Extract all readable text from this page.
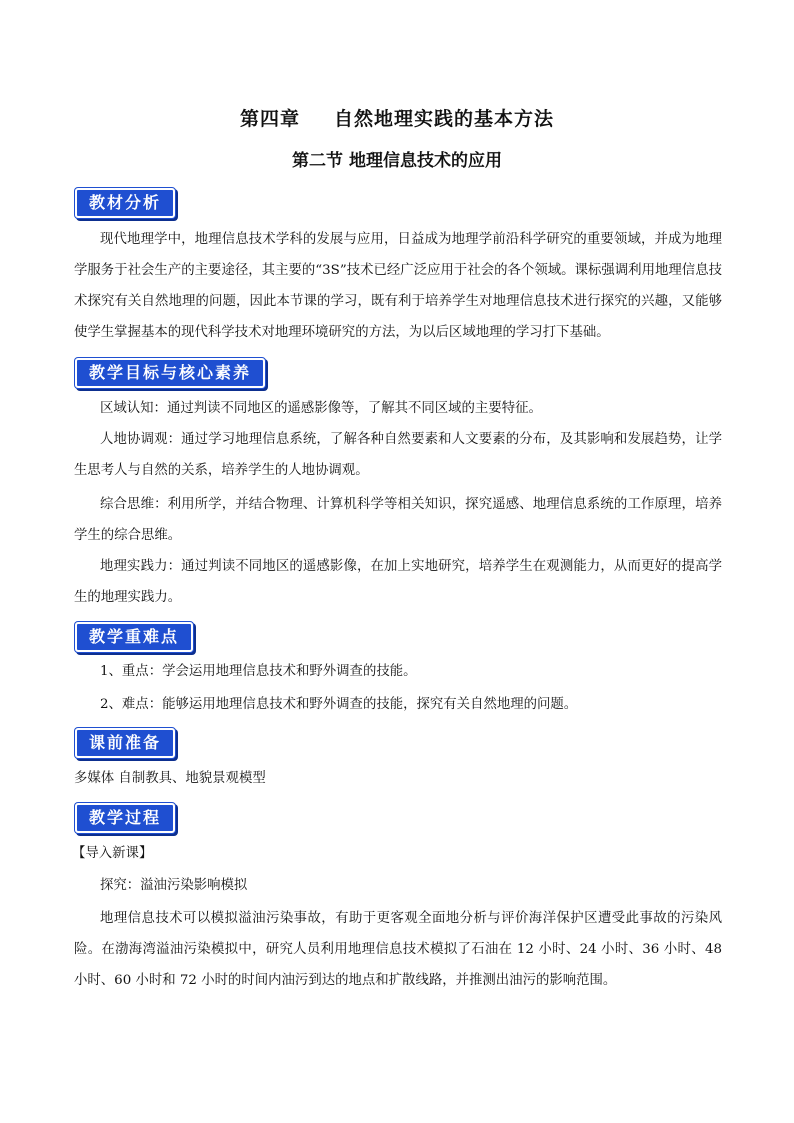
第四章 自然地理实践的基本方法
第二节 地理信息技术的应用
教材分析

现代地理学中，地理信息技术学科的发展与应用，日益成为地理学前沿科学研究的重要领域，并成为地理学服务于社会生产的主要途径，其主要的“3S”技术已经广泛应用于社会的各个领域。课标强调利用地理信息技术探究有关自然地理的问题，因此本节课的学习，既有利于培养学生对地理信息技术进行探究的兴趣，又能够使学生掌握基本的现代科学技术对地理环境研究的方法，为以后区域地理的学习打下基础。

教学目标与核心素养

区域认知：通过判读不同地区的遥感影像等，了解其不同区域的主要特征。

人地协调观：通过学习地理信息系统，了解各种自然要素和人文要素的分布，及其影响和发展趋势，让学生思考人与自然的关系，培养学生的人地协调观。

综合思维：利用所学，并结合物理、计算机科学等相关知识，探究遥感、地理信息系统的工作原理，培养学生的综合思维。

地理实践力：通过判读不同地区的遥感影像，在加上实地研究，培养学生在观测能力，从而更好的提高学生的地理实践力。

教学重难点

1、重点：学会运用地理信息技术和野外调查的技能。

2、难点：能够运用地理信息技术和野外调查的技能，探究有关自然地理的问题。

课前准备

多媒体 自制教具、地貌景观模型

教学过程

【导入新课】

探究：溢油污染影响模拟

地理信息技术可以模拟溢油污染事故，有助于更客观全面地分析与评价海洋保护区遭受此事故的污染风险。在渤海湾溢油污染模拟中，研究人员利用地理信息技术模拟了石油在 12 小时、24 小时、36 小时、48 小时、60 小时和 72 小时的时间内油污到达的地点和扩散线路，并推测出油污的影响范围。
